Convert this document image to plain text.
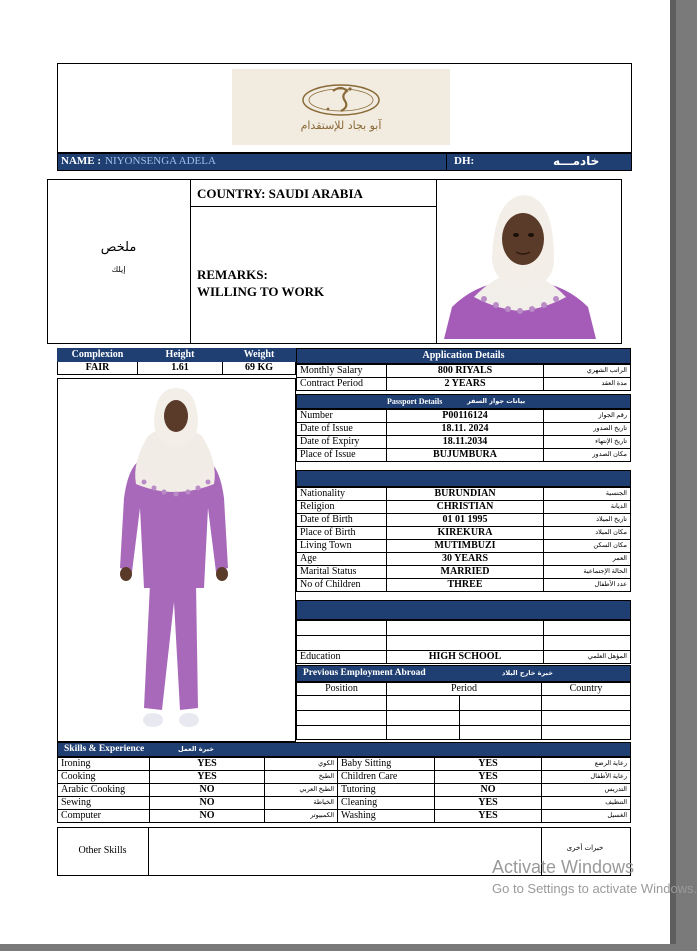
آبو بجاد للإستقدام
NAME : NIYONSENGA ADELA	DH:	خادمـــه
ملخص
إيلك
COUNTRY: SAUDI ARABIA
REMARKS:
WILLING TO WORK
Complexion	Height	Weight
FAIR	1.61	69 KG
Application Details
Monthly Salary	800 RIYALS	الراتب الشهري
Contract Period	2 YEARS	مدة العقد
Passport Details	بيانات جواز السفر
Number	P00116124	رقم الجواز
Date of Issue	18.11. 2024	تاريخ الصدور
Date of Expiry	18.11.2034	تاريخ الإنتهاء
Place of Issue	BUJUMBURA	مكان الصدور
Nationality	BURUNDIAN	الجنسية
Religion	CHRISTIAN	الديانة
Date of Birth	01 01 1995	تاريخ الميلاد
Place of Birth	KIREKURA	مكان الميلاد
Living Town	MUTIMBUZI	مكان السكن
Age	30 YEARS	العمر
Marital Status	MARRIED	الحالة الإجتماعية
No of Children	THREE	عدد الأطفال

Education	HIGH SCHOOL	المؤهل العلمي
Previous Employment Abroad	خبرة خارج البلاد
Position	Period		Country

Skills & Experience	خبرة العمل
Ironing	YES	الكوي	Baby Sitting	YES	رعاية الرضع
Cooking	YES	الطبخ	Children Care	YES	رعاية الأطفال
Arabic Cooking	NO	الطبخ العربي	Tutoring	NO	التدريس
Sewing	NO	الخياطة	Cleaning	YES	التنظيف
Computer	NO	الكمبيوتر	Washing	YES	الغسيل
Other Skills	خبرات أخرى
Activate Windows
Go to Settings to activate Windows.
